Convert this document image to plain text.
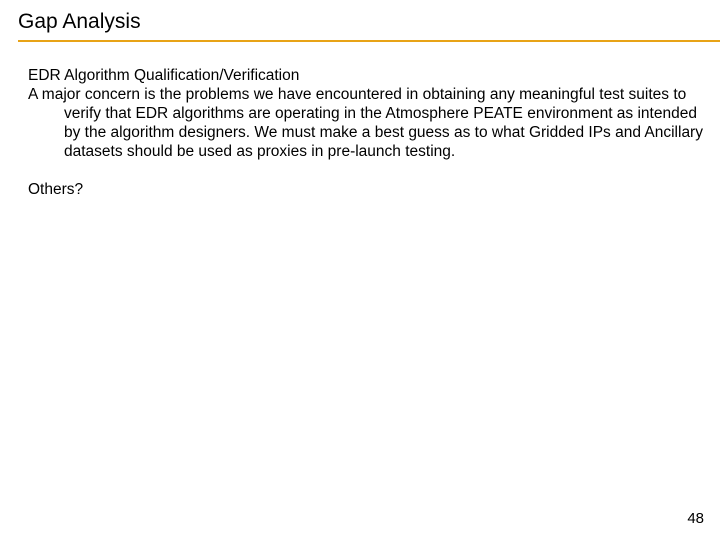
Gap Analysis
EDR Algorithm Qualification/Verification
A major concern is the problems we have encountered in obtaining any meaningful test suites to verify that EDR algorithms are operating in the Atmosphere PEATE environment as intended by the algorithm designers. We must make a best guess as to what Gridded IPs and Ancillary datasets should be used as proxies in pre-launch testing.
Others?
48
